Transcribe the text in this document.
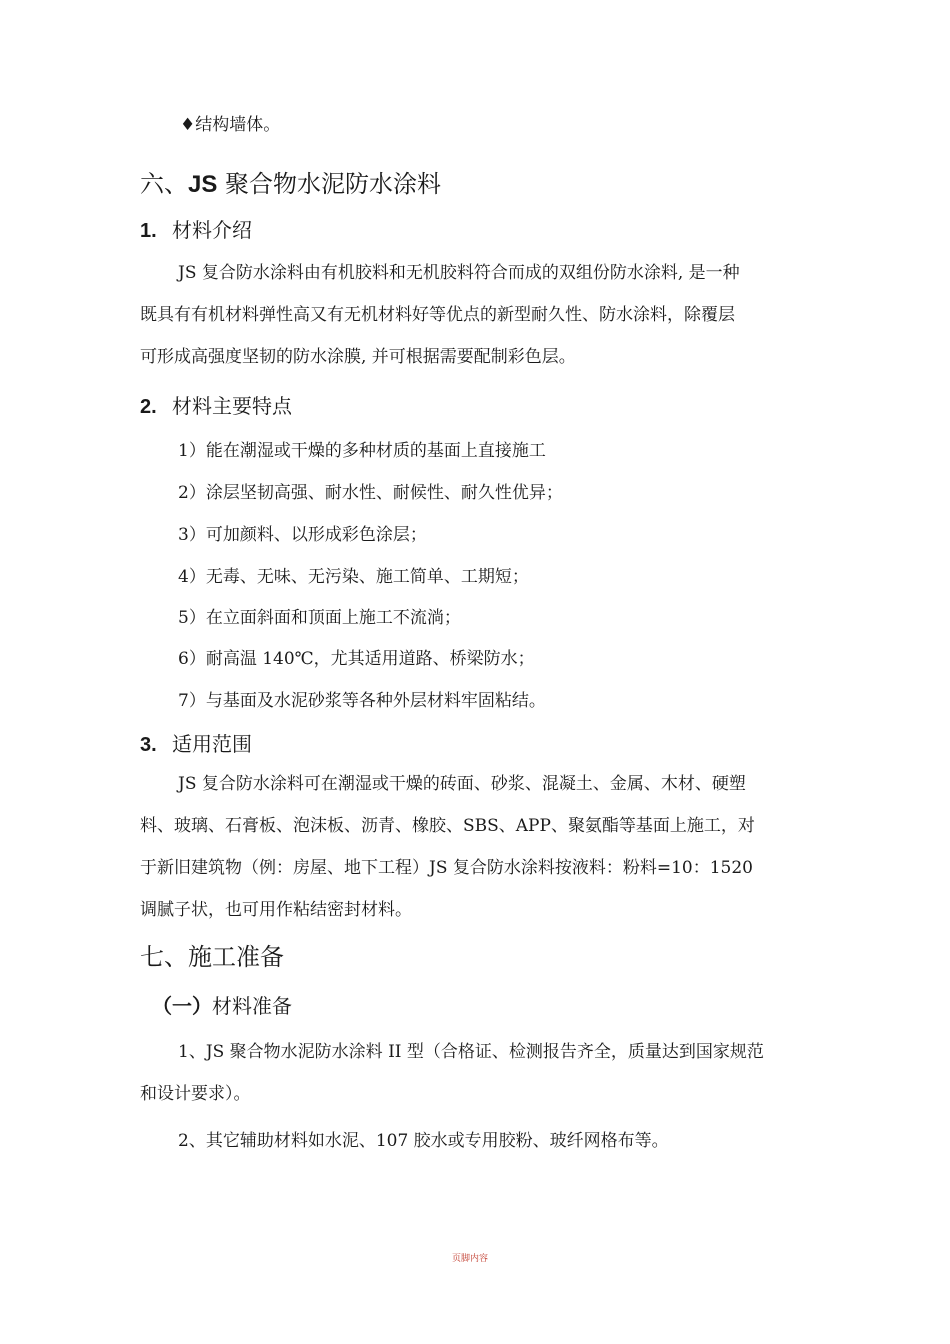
♦结构墙体。

六、JS 聚合物水泥防水涂料
1. 材料介绍
JS 复合防水涂料由有机胶料和无机胶料符合而成的双组份防水涂料, 是一种
既具有有机材料弹性高又有无机材料好等优点的新型耐久性、防水涂料，除覆层
可形成高强度坚韧的防水涂膜, 并可根据需要配制彩色层。
2. 材料主要特点

1）能在潮湿或干燥的多种材质的基面上直接施工

2）涂层坚韧高强、耐水性、耐候性、耐久性优异；

3）可加颜料、以形成彩色涂层；

4）无毒、无味、无污染、施工简单、工期短；

5）在立面斜面和顶面上施工不流淌；

6）耐高温 140℃，尤其适用道路、桥梁防水；

7）与基面及水泥砂浆等各种外层材料牢固粘结。

3. 适用范围
JS 复合防水涂料可在潮湿或干燥的砖面、砂浆、混凝土、金属、木材、硬塑
料、玻璃、石膏板、泡沫板、沥青、橡胶、SBS、APP、聚氨酯等基面上施工，对
于新旧建筑物（例：房屋、地下工程）JS 复合防水涂料按液料：粉料=10：1520
调腻子状，也可用作粘结密封材料。
七、施工准备
（一）材料准备
1、JS 聚合物水泥防水涂料 II 型（合格证、检测报告齐全，质量达到国家规范
和设计要求）。

2、其它辅助材料如水泥、107 胶水或专用胶粉、玻纤网格布等。

页脚内容
